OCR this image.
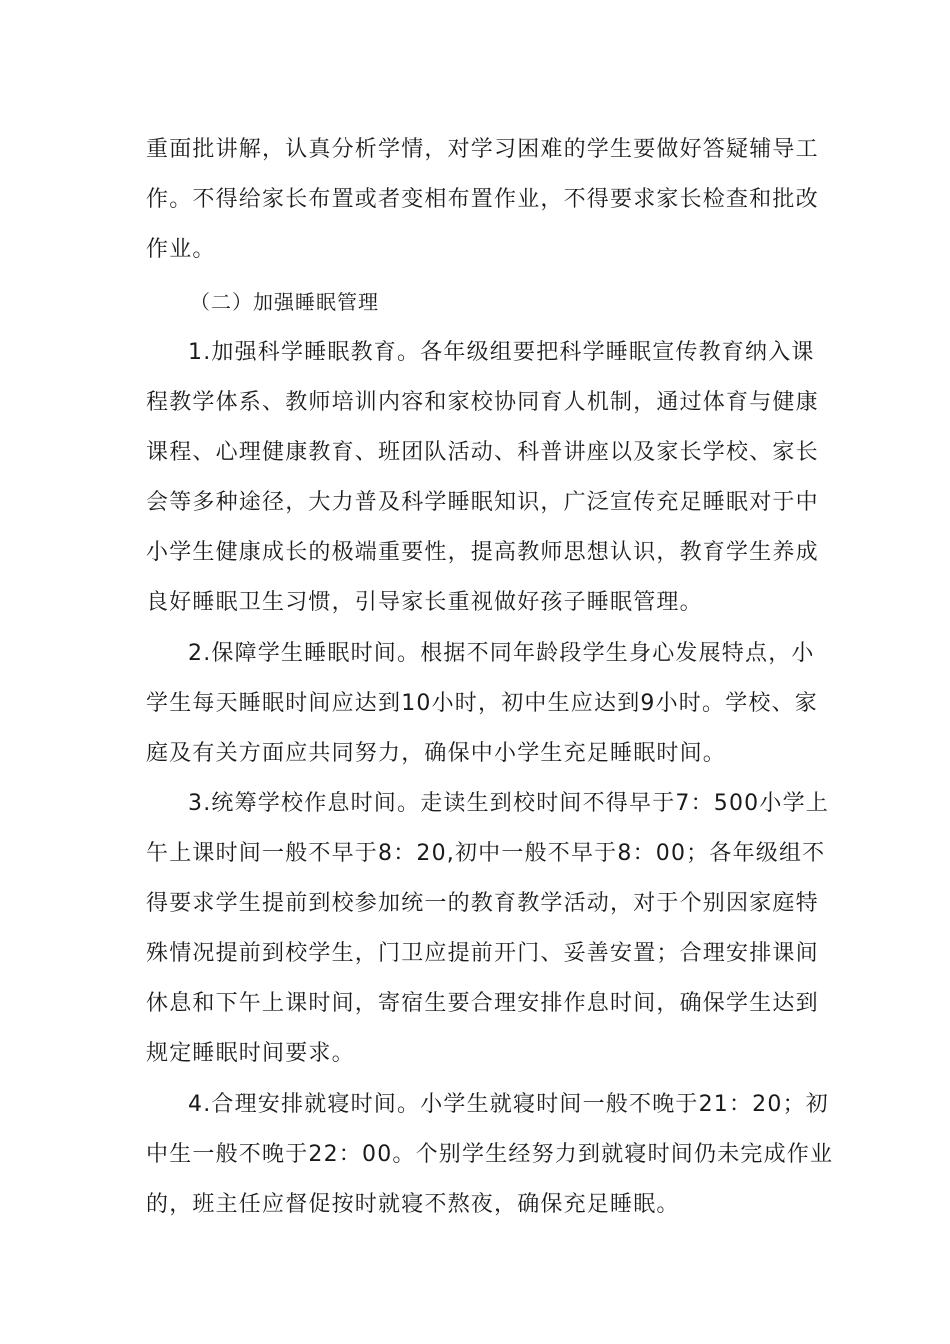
重面批讲解，认真分析学情，对学习困难的学生要做好答疑辅导工
作。不得给家长布置或者变相布置作业，不得要求家长检查和批改
作业。
（二）加强睡眠管理
1.加强科学睡眠教育。各年级组要把科学睡眠宣传教育纳入课
程教学体系、教师培训内容和家校协同育人机制，通过体育与健康
课程、心理健康教育、班团队活动、科普讲座以及家长学校、家长
会等多种途径，大力普及科学睡眠知识，广泛宣传充足睡眠对于中
小学生健康成长的极端重要性，提高教师思想认识，教育学生养成
良好睡眠卫生习惯，引导家长重视做好孩子睡眠管理。
2.保障学生睡眠时间。根据不同年龄段学生身心发展特点，小
学生每天睡眠时间应达到10小时，初中生应达到9小时。学校、家
庭及有关方面应共同努力，确保中小学生充足睡眠时间。
3.统筹学校作息时间。走读生到校时间不得早于7：500小学上
午上课时间一般不早于8：20,初中一般不早于8：00；各年级组不
得要求学生提前到校参加统一的教育教学活动，对于个别因家庭特
殊情况提前到校学生，门卫应提前开门、妥善安置；合理安排课间
休息和下午上课时间，寄宿生要合理安排作息时间，确保学生达到
规定睡眠时间要求。
4.合理安排就寝时间。小学生就寝时间一般不晚于21：20；初
中生一般不晚于22：00。个别学生经努力到就寝时间仍未完成作业
的，班主任应督促按时就寝不熬夜，确保充足睡眠。
